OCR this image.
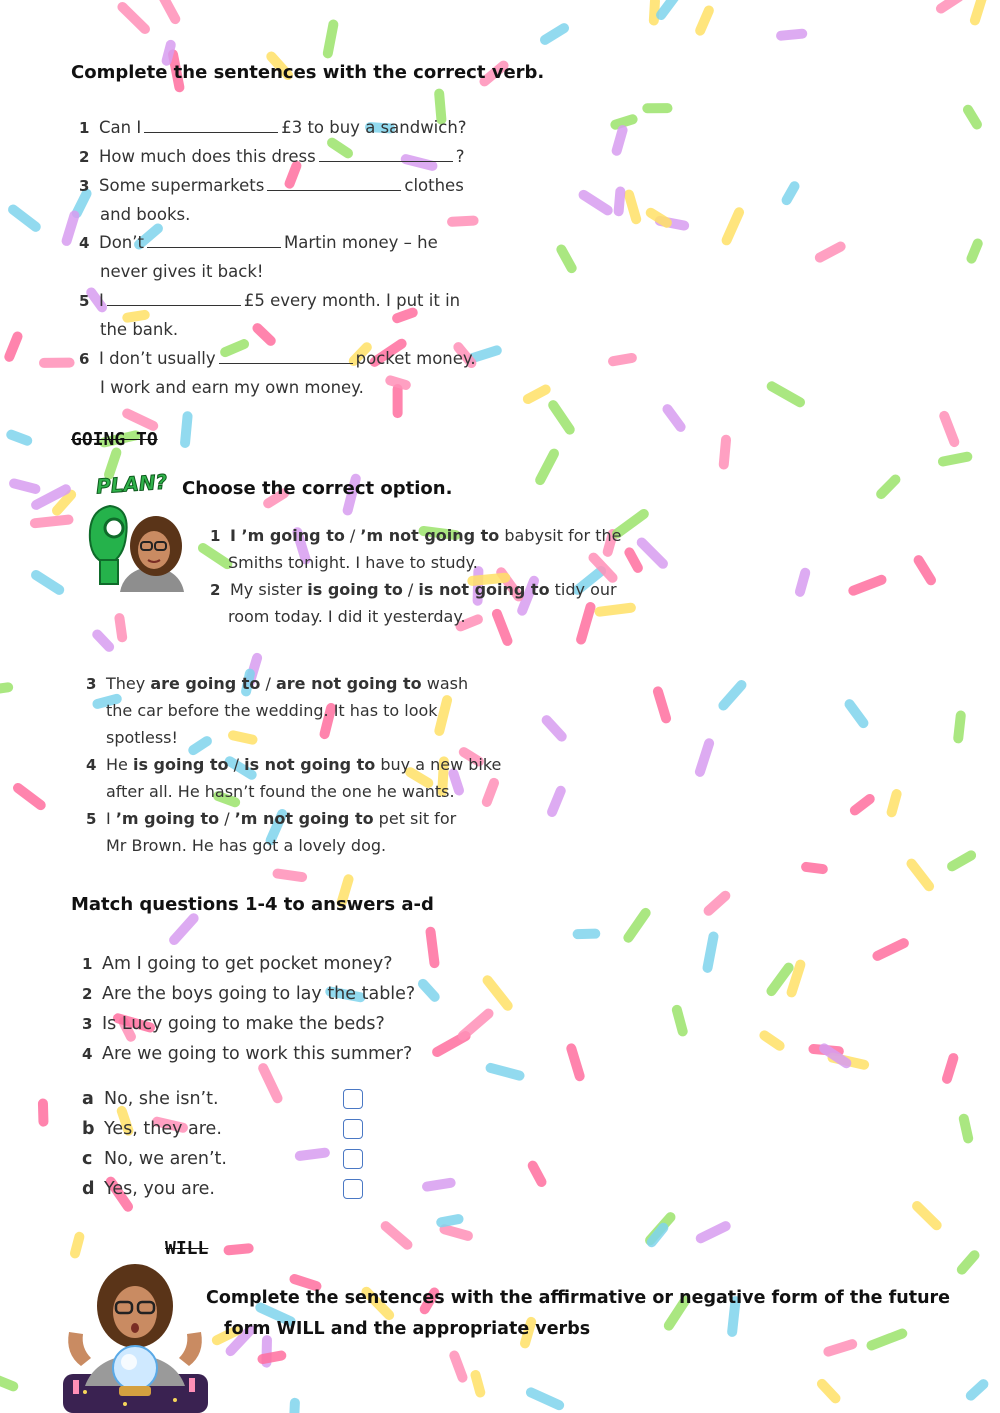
Complete the sentences with the correct verb.
1 Can I	£3 to buy a sandwich?
2 How much does this dress	?
3 Some supermarkets	clothes
and books.
4 Don’t	Martin money – he
never gives it back!
5 I	£5 every month. I put it in
the bank.
6 I don’t usually	pocket money.
I work and earn my own money.
GOING TO
PLAN? Choose the correct option.
1 I ’m going to / ’m not going to babysit for the
Smiths tonight. I have to study.
2 My sister is going to / is not going to tidy our
room today. I did it yesterday.
3 They are going to / are not going to wash
the car before the wedding. It has to look
spotless!
4 He is going to / is not going to buy a new bike
after all. He hasn’t found the one he wants.
5 I ’m going to / ’m not going to pet sit for
Mr Brown. He has got a lovely dog.
Match questions 1-4 to answers a-d
1 Am I going to get pocket money?
2 Are the boys going to lay the table?
3 Is Lucy going to make the beds?
4 Are we going to work this summer?
a No, she isn’t.
b Yes, they are.
c No, we aren’t.
d Yes, you are.
WILL
Complete the sentences with the affirmative or negative form of the future
form WILL and the appropriate verbs
